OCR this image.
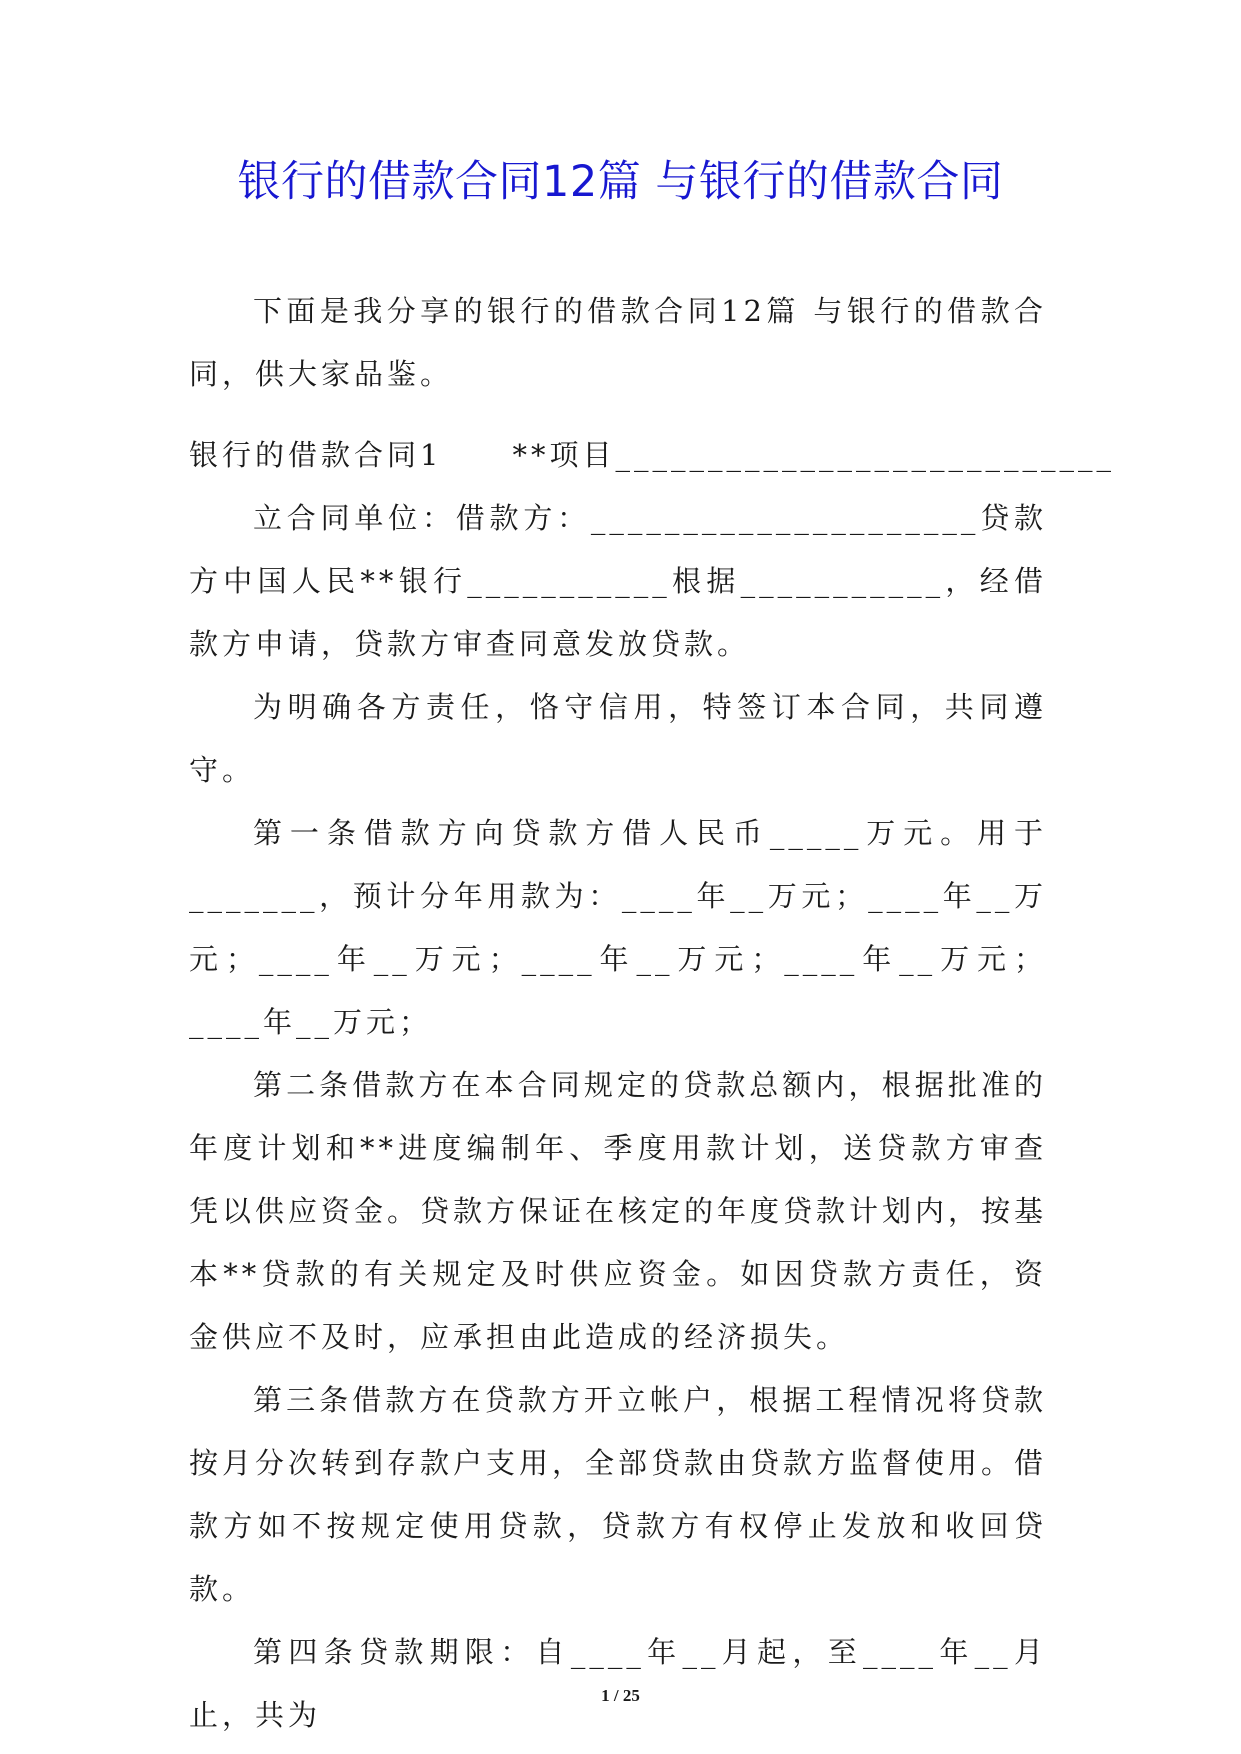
银行的借款合同12篇 与银行的借款合同

下面是我分享的银行的借款合同12篇 与银行的借款合同，供大家品鉴。

银行的借款合同1 **项目___________________________

立合同单位：借款方：_____________________贷款方中国人民**银行___________根据___________，经借款方申请，贷款方审查同意发放贷款。

为明确各方责任，恪守信用，特签订本合同，共同遵守。

第一条借款方向贷款方借人民币_____万元。用于_______，预计分年用款为：____年__万元；____年__万元；____年__万元；____年__万元；____年__万元；____年__万元；

第二条借款方在本合同规定的贷款总额内，根据批准的年度计划和**进度编制年、季度用款计划，送贷款方审查凭以供应资金。贷款方保证在核定的年度贷款计划内，按基本**贷款的有关规定及时供应资金。如因贷款方责任，资金供应不及时，应承担由此造成的经济损失。

第三条借款方在贷款方开立帐户，根据工程情况将贷款按月分次转到存款户支用，全部贷款由贷款方监督使用。借款方如不按规定使用贷款，贷款方有权停止发放和收回贷款。

第四条贷款期限：自____年__月起，至____年__月止，共为

1 / 25
